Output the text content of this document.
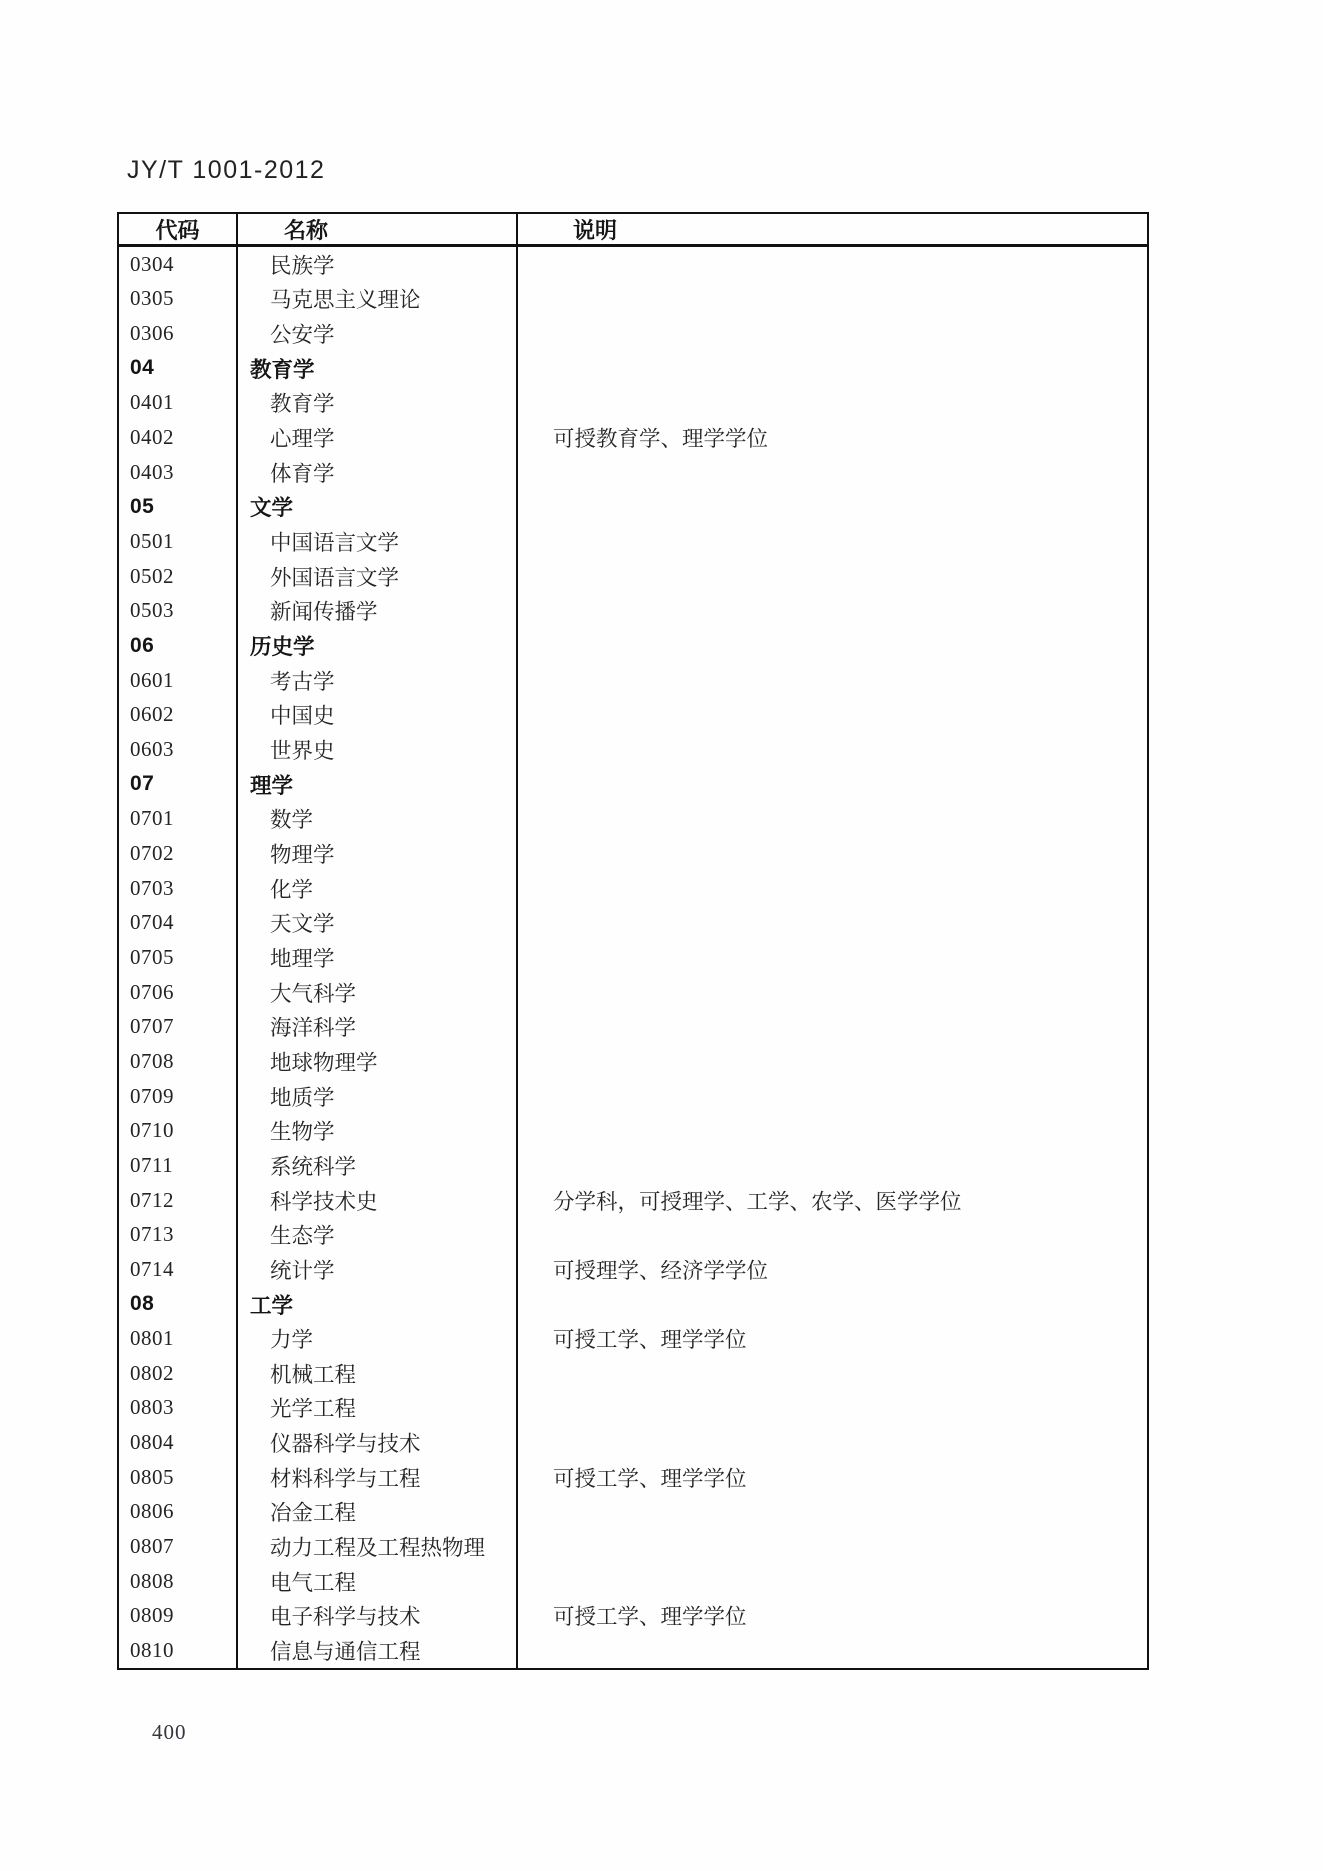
JY/T 1001-2012
代码	名称	说明
0304	民族学
0305	马克思主义理论
0306	公安学
04	教育学
0401	教育学
0402	心理学	可授教育学、理学学位
0403	体育学
05	文学
0501	中国语言文学
0502	外国语言文学
0503	新闻传播学
06	历史学
0601	考古学
0602	中国史
0603	世界史
07	理学
0701	数学
0702	物理学
0703	化学
0704	天文学
0705	地理学
0706	大气科学
0707	海洋科学
0708	地球物理学
0709	地质学
0710	生物学
0711	系统科学
0712	科学技术史	分学科，可授理学、工学、农学、医学学位
0713	生态学
0714	统计学	可授理学、经济学学位
08	工学
0801	力学	可授工学、理学学位
0802	机械工程
0803	光学工程
0804	仪器科学与技术
0805	材料科学与工程	可授工学、理学学位
0806	冶金工程
0807	动力工程及工程热物理
0808	电气工程
0809	电子科学与技术	可授工学、理学学位
0810	信息与通信工程
400
